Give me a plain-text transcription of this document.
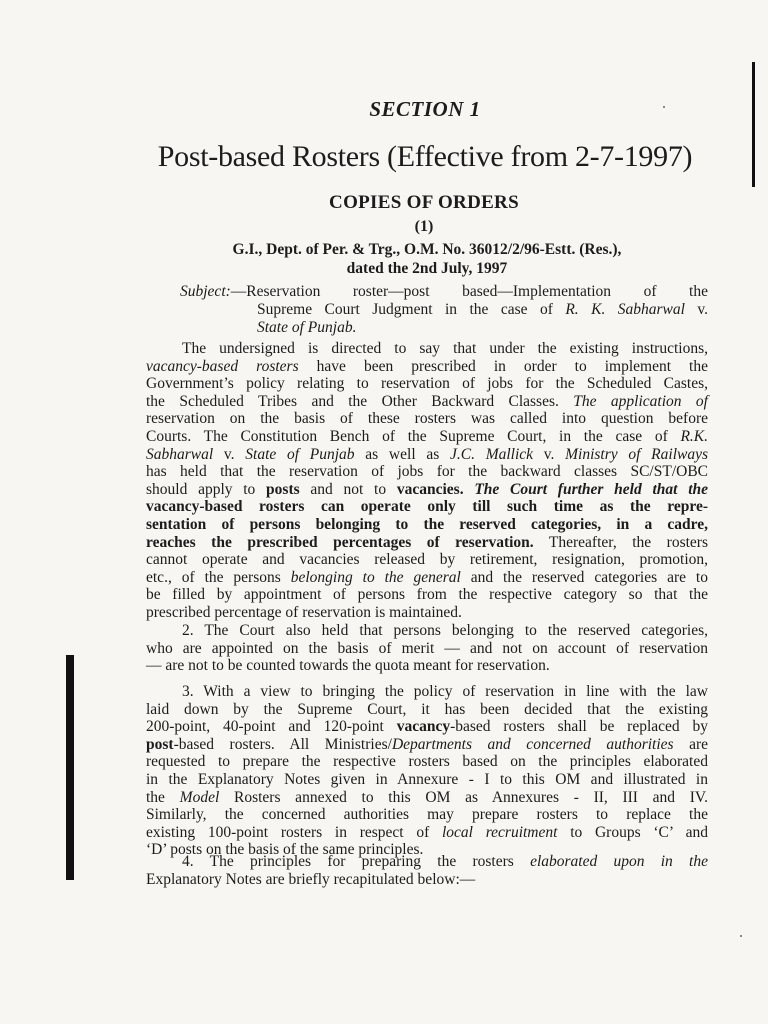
SECTION 1
Post-based Rosters (Effective from 2-7-1997)
COPIES OF ORDERS
(1)
G.I., Dept. of Per. & Trg., O.M. No. 36012/2/96-Estt. (Res.),
dated the 2nd July, 1997
Subject:—Reservation roster—post based—Implementation of the
Supreme Court Judgment in the case of R. K. Sabharwal v.
State of Punjab.
The undersigned is directed to say that under the existing instructions,
vacancy-based rosters have been prescribed in order to implement the
Government’s policy relating to reservation of jobs for the Scheduled Castes,
the Scheduled Tribes and the Other Backward Classes. The application of
reservation on the basis of these rosters was called into question before
Courts. The Constitution Bench of the Supreme Court, in the case of R.K.
Sabharwal v. State of Punjab as well as J.C. Mallick v. Ministry of Railways
has held that the reservation of jobs for the backward classes SC/ST/OBC
should apply to posts and not to vacancies. The Court further held that the
vacancy-based rosters can operate only till such time as the repre-
sentation of persons belonging to the reserved categories, in a cadre,
reaches the prescribed percentages of reservation. Thereafter, the rosters
cannot operate and vacancies released by retirement, resignation, promotion,
etc., of the persons belonging to the general and the reserved categories are to
be filled by appointment of persons from the respective category so that the
prescribed percentage of reservation is maintained.
2. The Court also held that persons belonging to the reserved categories,
who are appointed on the basis of merit — and not on account of reservation
— are not to be counted towards the quota meant for reservation.
3. With a view to bringing the policy of reservation in line with the law
laid down by the Supreme Court, it has been decided that the existing
200-point, 40-point and 120-point vacancy-based rosters shall be replaced by
post-based rosters. All Ministries/Departments and concerned authorities are
requested to prepare the respective rosters based on the principles elaborated
in the Explanatory Notes given in Annexure - I to this OM and illustrated in
the Model Rosters annexed to this OM as Annexures - II, III and IV.
Similarly, the concerned authorities may prepare rosters to replace the
existing 100-point rosters in respect of local recruitment to Groups ‘C’ and
‘D’ posts on the basis of the same principles.
4. The principles for preparing the rosters elaborated upon in the
Explanatory Notes are briefly recapitulated below:—
